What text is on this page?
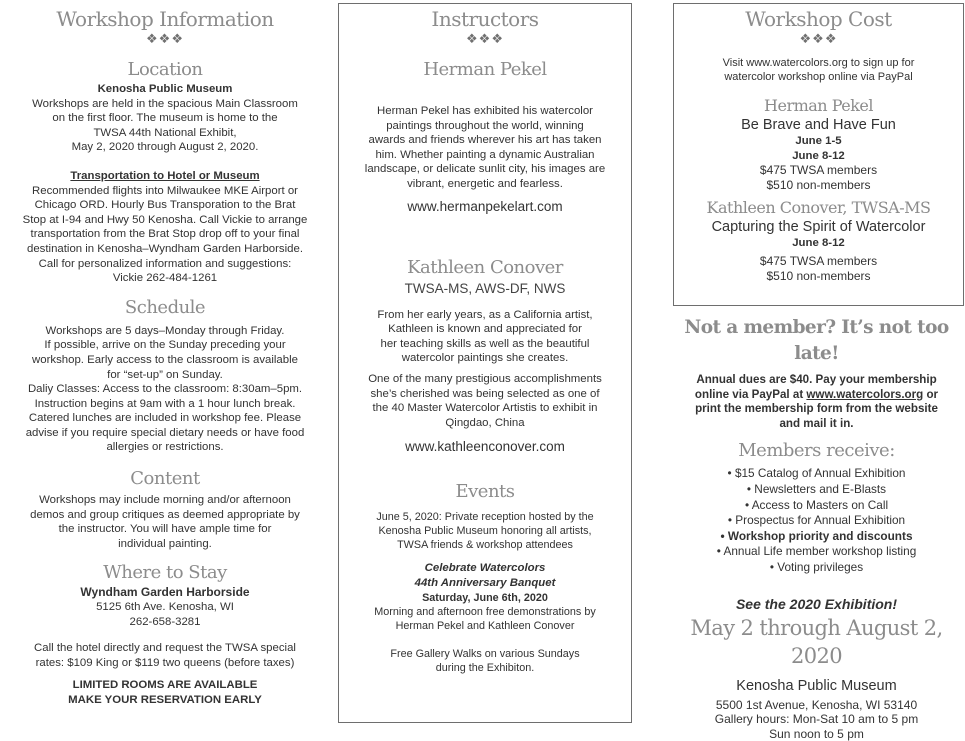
Workshop Information
❖❖❖
Location

Kenosha Public Museum

Workshops are held in the spacious Main Classroom

on the first floor. The museum is home to the

TWSA 44th National Exhibit,

May 2, 2020 through August 2, 2020.

Transportation to Hotel or Museum

Recommended flights into Milwaukee MKE Airport or

Chicago ORD. Hourly Bus Transporation to the Brat

Stop at I-94 and Hwy 50 Kenosha. Call Vickie to arrange

transportation from the Brat Stop drop off to your final

destination in Kenosha–Wyndham Garden Harborside.

Call for personalized information and suggestions:

Vickie 262-484-1261

Schedule

Workshops are 5 days–Monday through Friday.

If possible, arrive on the Sunday preceding your

workshop. Early access to the classroom is available

for “set-up” on Sunday.

Daliy Classes: Access to the classroom: 8:30am–5pm.

Instruction begins at 9am with a 1 hour lunch break.

Catered lunches are included in workshop fee. Please

advise if you require special dietary needs or have food

allergies or restrictions.

Content

Workshops may include morning and/or afternoon

demos and group critiques as deemed appropriate by

the instructor. You will have ample time for

individual painting.

Where to Stay

Wyndham Garden Harborside

5125 6th Ave. Kenosha, WI

262-658-3281

Call the hotel directly and request the TWSA special

rates: $109 King or $119 two queens (before taxes)

LIMITED ROOMS ARE AVAILABLE

MAKE YOUR RESERVATION EARLY

Instructors
❖❖❖
Herman Pekel

Herman Pekel has exhibited his watercolor

paintings throughout the world, winning

awards and friends wherever his art has taken

him. Whether painting a dynamic Australian

landscape, or delicate sunlit city, his images are

vibrant, energetic and fearless.

www.hermanpekelart.com
Kathleen Conover
TWSA-MS, AWS-DF, NWS

From her early years, as a California artist,

Kathleen is known and appreciated for

her teaching skills as well as the beautiful

watercolor paintings she creates.

One of the many prestigious accomplishments

she’s cherished was being selected as one of

the 40 Master Watercolor Artistis to exhibit in

Qingdao, China

www.kathleenconover.com
Events

June 5, 2020: Private reception hosted by the

Kenosha Public Museum honoring all artists,

TWSA friends & workshop attendees

Celebrate Watercolors

44th Anniversary Banquet

Saturday, June 6th, 2020

Morning and afternoon free demonstrations by

Herman Pekel and Kathleen Conover

Free Gallery Walks on various Sundays

during the Exhibiton.

Workshop Cost
❖❖❖

Visit www.watercolors.org to sign up for

watercolor workshop online via PayPal

Herman Pekel
Be Brave and Have Fun

June 1-5

June 8-12

$475 TWSA members

$510 non-members

Kathleen Conover, TWSA-MS
Capturing the Spirit of Watercolor

June 8-12

$475 TWSA members

$510 non-members

Not a member? It’s not too late!

Annual dues are $40. Pay your membership

online via PayPal at www.watercolors.org or

print the membership form from the website

and mail it in.

Members receive:
• $15 Catalog of Annual Exhibition
• Newsletters and E-Blasts
• Access to Masters on Call
• Prospectus for Annual Exhibition
• Workshop priority and discounts
• Annual Life member workshop listing
• Voting privileges
See the 2020 Exhibition!
May 2 through August 2, 2020
Kenosha Public Museum

5500 1st Avenue, Kenosha, WI 53140

Gallery hours: Mon-Sat 10 am to 5 pm

Sun noon to 5 pm
